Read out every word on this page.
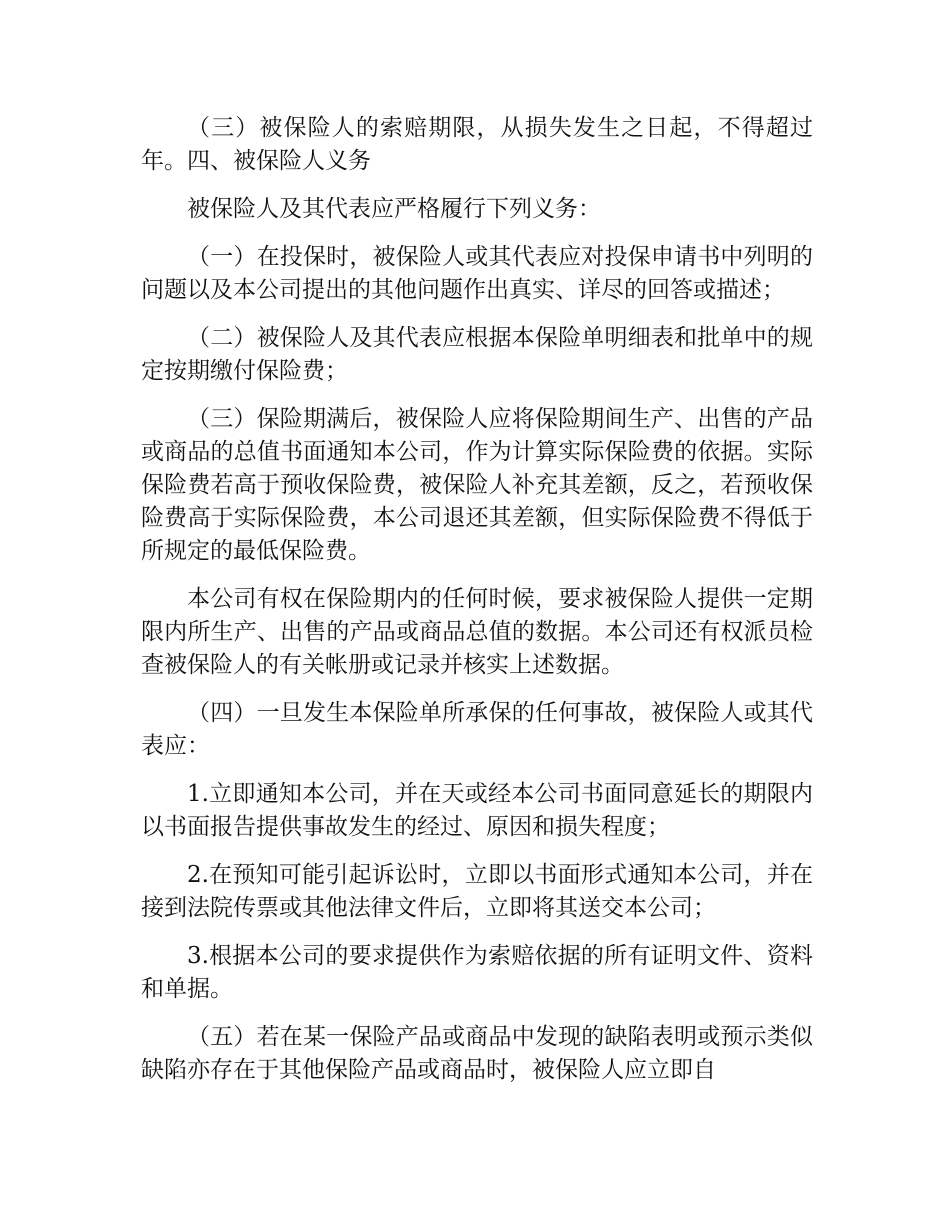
（三）被保险人的索赔期限，从损失发生之日起，不得超过年。四、被保险人义务

被保险人及其代表应严格履行下列义务：

（一）在投保时，被保险人或其代表应对投保申请书中列明的问题以及本公司提出的其他问题作出真实、详尽的回答或描述；

（二）被保险人及其代表应根据本保险单明细表和批单中的规定按期缴付保险费；

（三）保险期满后，被保险人应将保险期间生产、出售的产品或商品的总值书面通知本公司，作为计算实际保险费的依据。实际保险费若高于预收保险费，被保险人补充其差额，反之，若预收保险费高于实际保险费，本公司退还其差额，但实际保险费不得低于所规定的最低保险费。

本公司有权在保险期内的任何时候，要求被保险人提供一定期限内所生产、出售的产品或商品总值的数据。本公司还有权派员检查被保险人的有关帐册或记录并核实上述数据。

（四）一旦发生本保险单所承保的任何事故，被保险人或其代表应：

1.立即通知本公司，并在天或经本公司书面同意延长的期限内以书面报告提供事故发生的经过、原因和损失程度；

2.在预知可能引起诉讼时，立即以书面形式通知本公司，并在接到法院传票或其他法律文件后，立即将其送交本公司；

3.根据本公司的要求提供作为索赔依据的所有证明文件、资料和单据。

（五）若在某一保险产品或商品中发现的缺陷表明或预示类似缺陷亦存在于其他保险产品或商品时，被保险人应立即自
